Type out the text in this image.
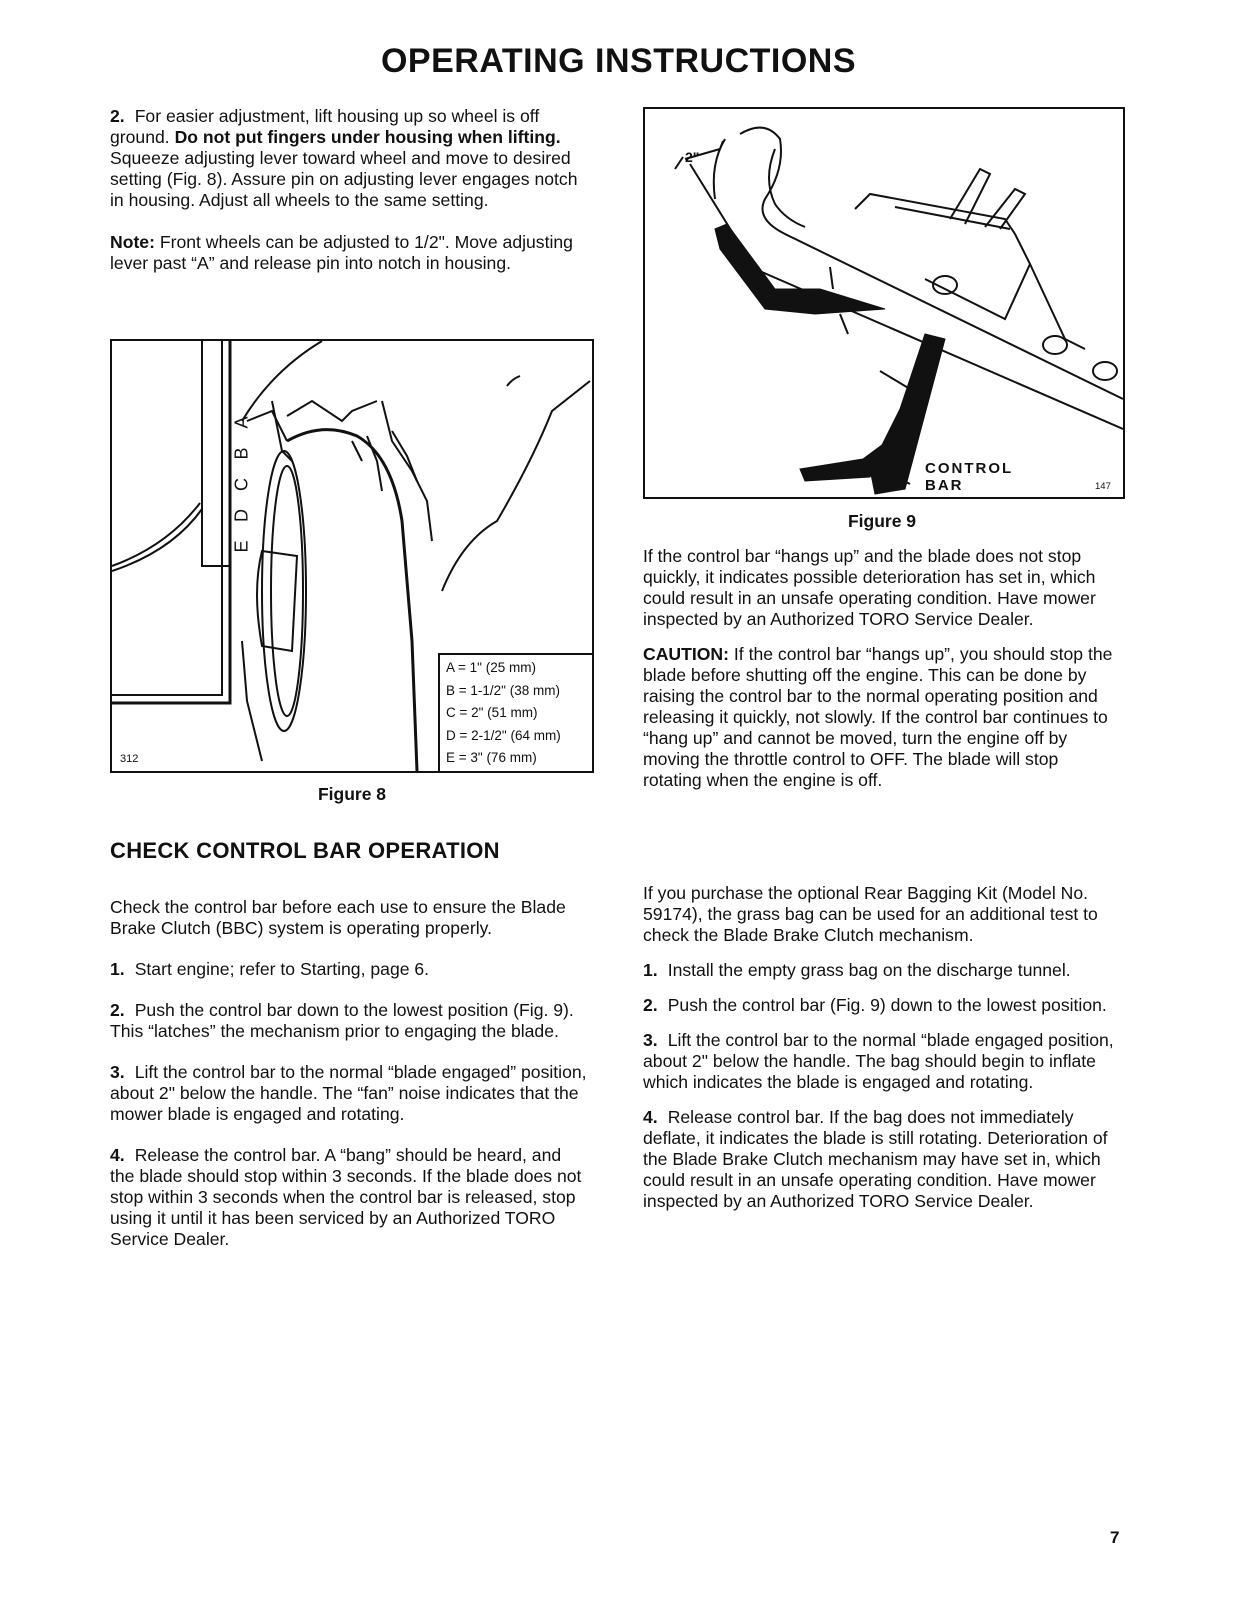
OPERATING INSTRUCTIONS

2. For easier adjustment, lift housing up so wheel is off ground. Do not put fingers under housing when lifting. Squeeze adjusting lever toward wheel and move to desired setting (Fig. 8). Assure pin on adjusting lever engages notch in housing. Adjust all wheels to the same setting.

Note: Front wheels can be adjusted to 1/2". Move adjusting lever past “A” and release pin into notch in housing.

A
B
C
D
E
A = 1" (25 mm)
B = 1-1/2" (38 mm)
C = 2" (51 mm)
D = 2-1/2" (64 mm)
E = 3" (76 mm)
312
Figure 8
CHECK CONTROL BAR OPERATION

Check the control bar before each use to ensure the Blade Brake Clutch (BBC) system is operating properly.

1. Start engine; refer to Starting, page 6.

2. Push the control bar down to the lowest position (Fig. 9). This “latches” the mechanism prior to engaging the blade.

3. Lift the control bar to the normal “blade engaged” position, about 2" below the handle. The “fan” noise indicates that the mower blade is engaged and rotating.

4. Release the control bar. A “bang” should be heard, and the blade should stop within 3 seconds. If the blade does not stop within 3 seconds when the control bar is released, stop using it until it has been serviced by an Authorized TORO Service Dealer.

2"
CONTROL
BAR	147
Figure 9

If the control bar “hangs up” and the blade does not stop quickly, it indicates possible deterioration has set in, which could result in an unsafe operating condition. Have mower inspected by an Authorized TORO Service Dealer.

CAUTION: If the control bar “hangs up”, you should stop the blade before shutting off the engine. This can be done by raising the control bar to the normal operating position and releasing it quickly, not slowly. If the control bar continues to “hang up” and cannot be moved, turn the engine off by moving the throttle control to OFF. The blade will stop rotating when the engine is off.

If you purchase the optional Rear Bagging Kit (Model No. 59174), the grass bag can be used for an additional test to check the Blade Brake Clutch mechanism.

1. Install the empty grass bag on the discharge tunnel.

2. Push the control bar (Fig. 9) down to the lowest position.

3. Lift the control bar to the normal “blade engaged position, about 2" below the handle. The bag should begin to inflate which indicates the blade is engaged and rotating.

4. Release control bar. If the bag does not immediately deflate, it indicates the blade is still rotating. Deterioration of the Blade Brake Clutch mechanism may have set in, which could result in an unsafe operating condition. Have mower inspected by an Authorized TORO Service Dealer.

7
